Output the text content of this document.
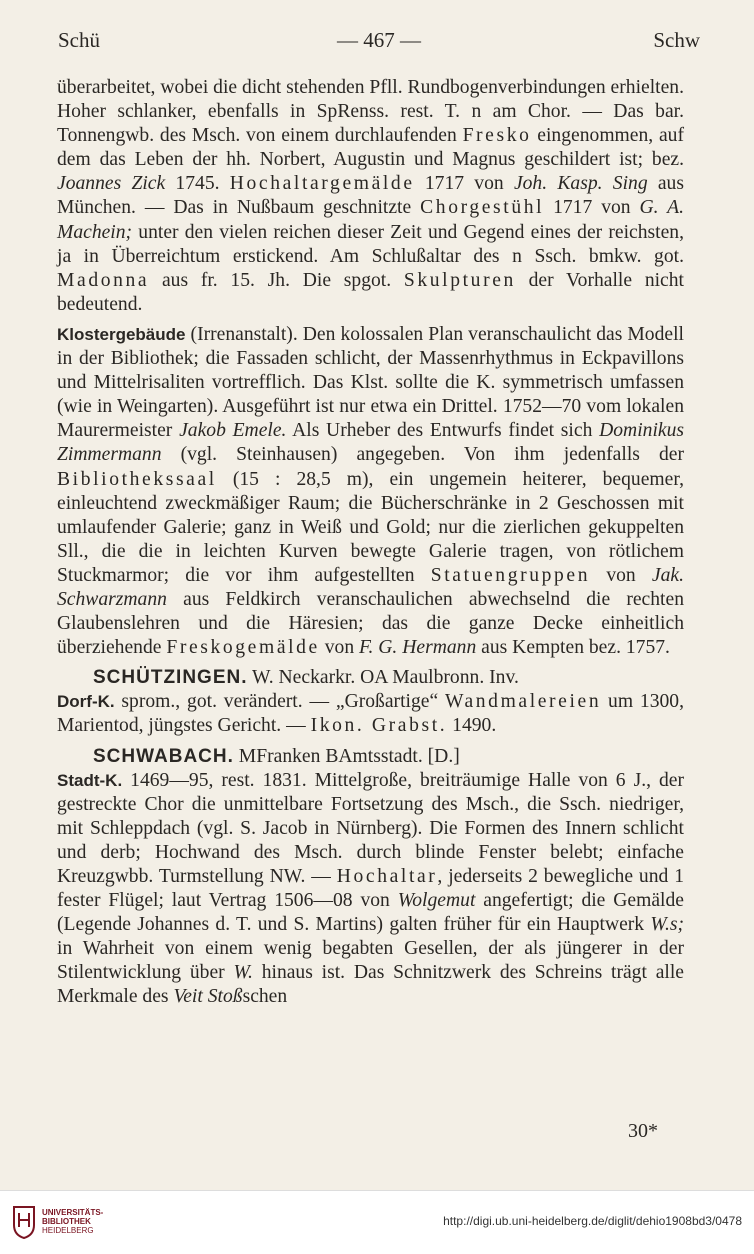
Schü	— 467 —	Schw

überarbeitet, wobei die dicht stehenden Pfll. Rundbogenverbindungen erhielten. Hoher schlanker, ebenfalls in SpRenss. rest. T. n am Chor. — Das bar. Tonnengwb. des Msch. von einem durchlaufenden Fresko eingenommen, auf dem das Leben der hh. Norbert, Augustin und Magnus geschildert ist; bez. Joannes Zick 1745. Hochaltargemälde 1717 von Joh. Kasp. Sing aus München. — Das in Nußbaum geschnitzte Chorgestühl 1717 von G. A. Machein; unter den vielen reichen dieser Zeit und Gegend eines der reichsten, ja in Überreichtum erstickend. Am Schlußaltar des n Ssch. bmkw. got. Madonna aus fr. 15. Jh. Die spgot. Skulpturen der Vorhalle nicht bedeutend.

Klostergebäude (Irrenanstalt). Den kolossalen Plan veranschaulicht das Modell in der Bibliothek; die Fassaden schlicht, der Massenrhythmus in Eckpavillons und Mittelrisaliten vortrefflich. Das Klst. sollte die K. symmetrisch umfassen (wie in Weingarten). Ausgeführt ist nur etwa ein Drittel. 1752—70 vom lokalen Maurermeister Jakob Emele. Als Urheber des Entwurfs findet sich Dominikus Zimmermann (vgl. Steinhausen) angegeben. Von ihm jedenfalls der Bibliothekssaal (15 : 28,5 m), ein ungemein heiterer, bequemer, einleuchtend zweckmäßiger Raum; die Bücherschränke in 2 Geschossen mit umlaufender Galerie; ganz in Weiß und Gold; nur die zierlichen gekuppelten Sll., die die in leichten Kurven bewegte Galerie tragen, von rötlichem Stuckmarmor; die vor ihm aufgestellten Statuengruppen von Jak. Schwarzmann aus Feldkirch veranschaulichen abwechselnd die rechten Glaubenslehren und die Häresien; das die ganze Decke einheitlich überziehende Freskogemälde von F. G. Hermann aus Kempten bez. 1757.

SCHÜTZINGEN. W. Neckarkr. OA Maulbronn. Inv.

Dorf-K. sprom., got. verändert. — „Großartige“ Wandmalereien um 1300, Marientod, jüngstes Gericht. — Ikon. Grabst. 1490.

SCHWABACH. MFranken BAmtsstadt. [D.]

Stadt-K. 1469—95, rest. 1831. Mittelgroße, breiträumige Halle von 6 J., der gestreckte Chor die unmittelbare Fortsetzung des Msch., die Ssch. niedriger, mit Schleppdach (vgl. S. Jacob in Nürnberg). Die Formen des Innern schlicht und derb; Hochwand des Msch. durch blinde Fenster belebt; einfache Kreuzgwbb. Turmstellung NW. — Hochaltar, jederseits 2 bewegliche und 1 fester Flügel; laut Vertrag 1506—08 von Wolgemut angefertigt; die Gemälde (Legende Johannes d. T. und S. Martins) galten früher für ein Hauptwerk W.s; in Wahrheit von einem wenig begabten Gesellen, der als jüngerer in der Stilentwicklung über W. hinaus ist. Das Schnitzwerk des Schreins trägt alle Merkmale des Veit Stoßschen

30*
UNIVERSITÄTS-
BIBLIOTHEK
HEIDELBERG
http://digi.ub.uni-heidelberg.de/diglit/dehio1908bd3/0478
